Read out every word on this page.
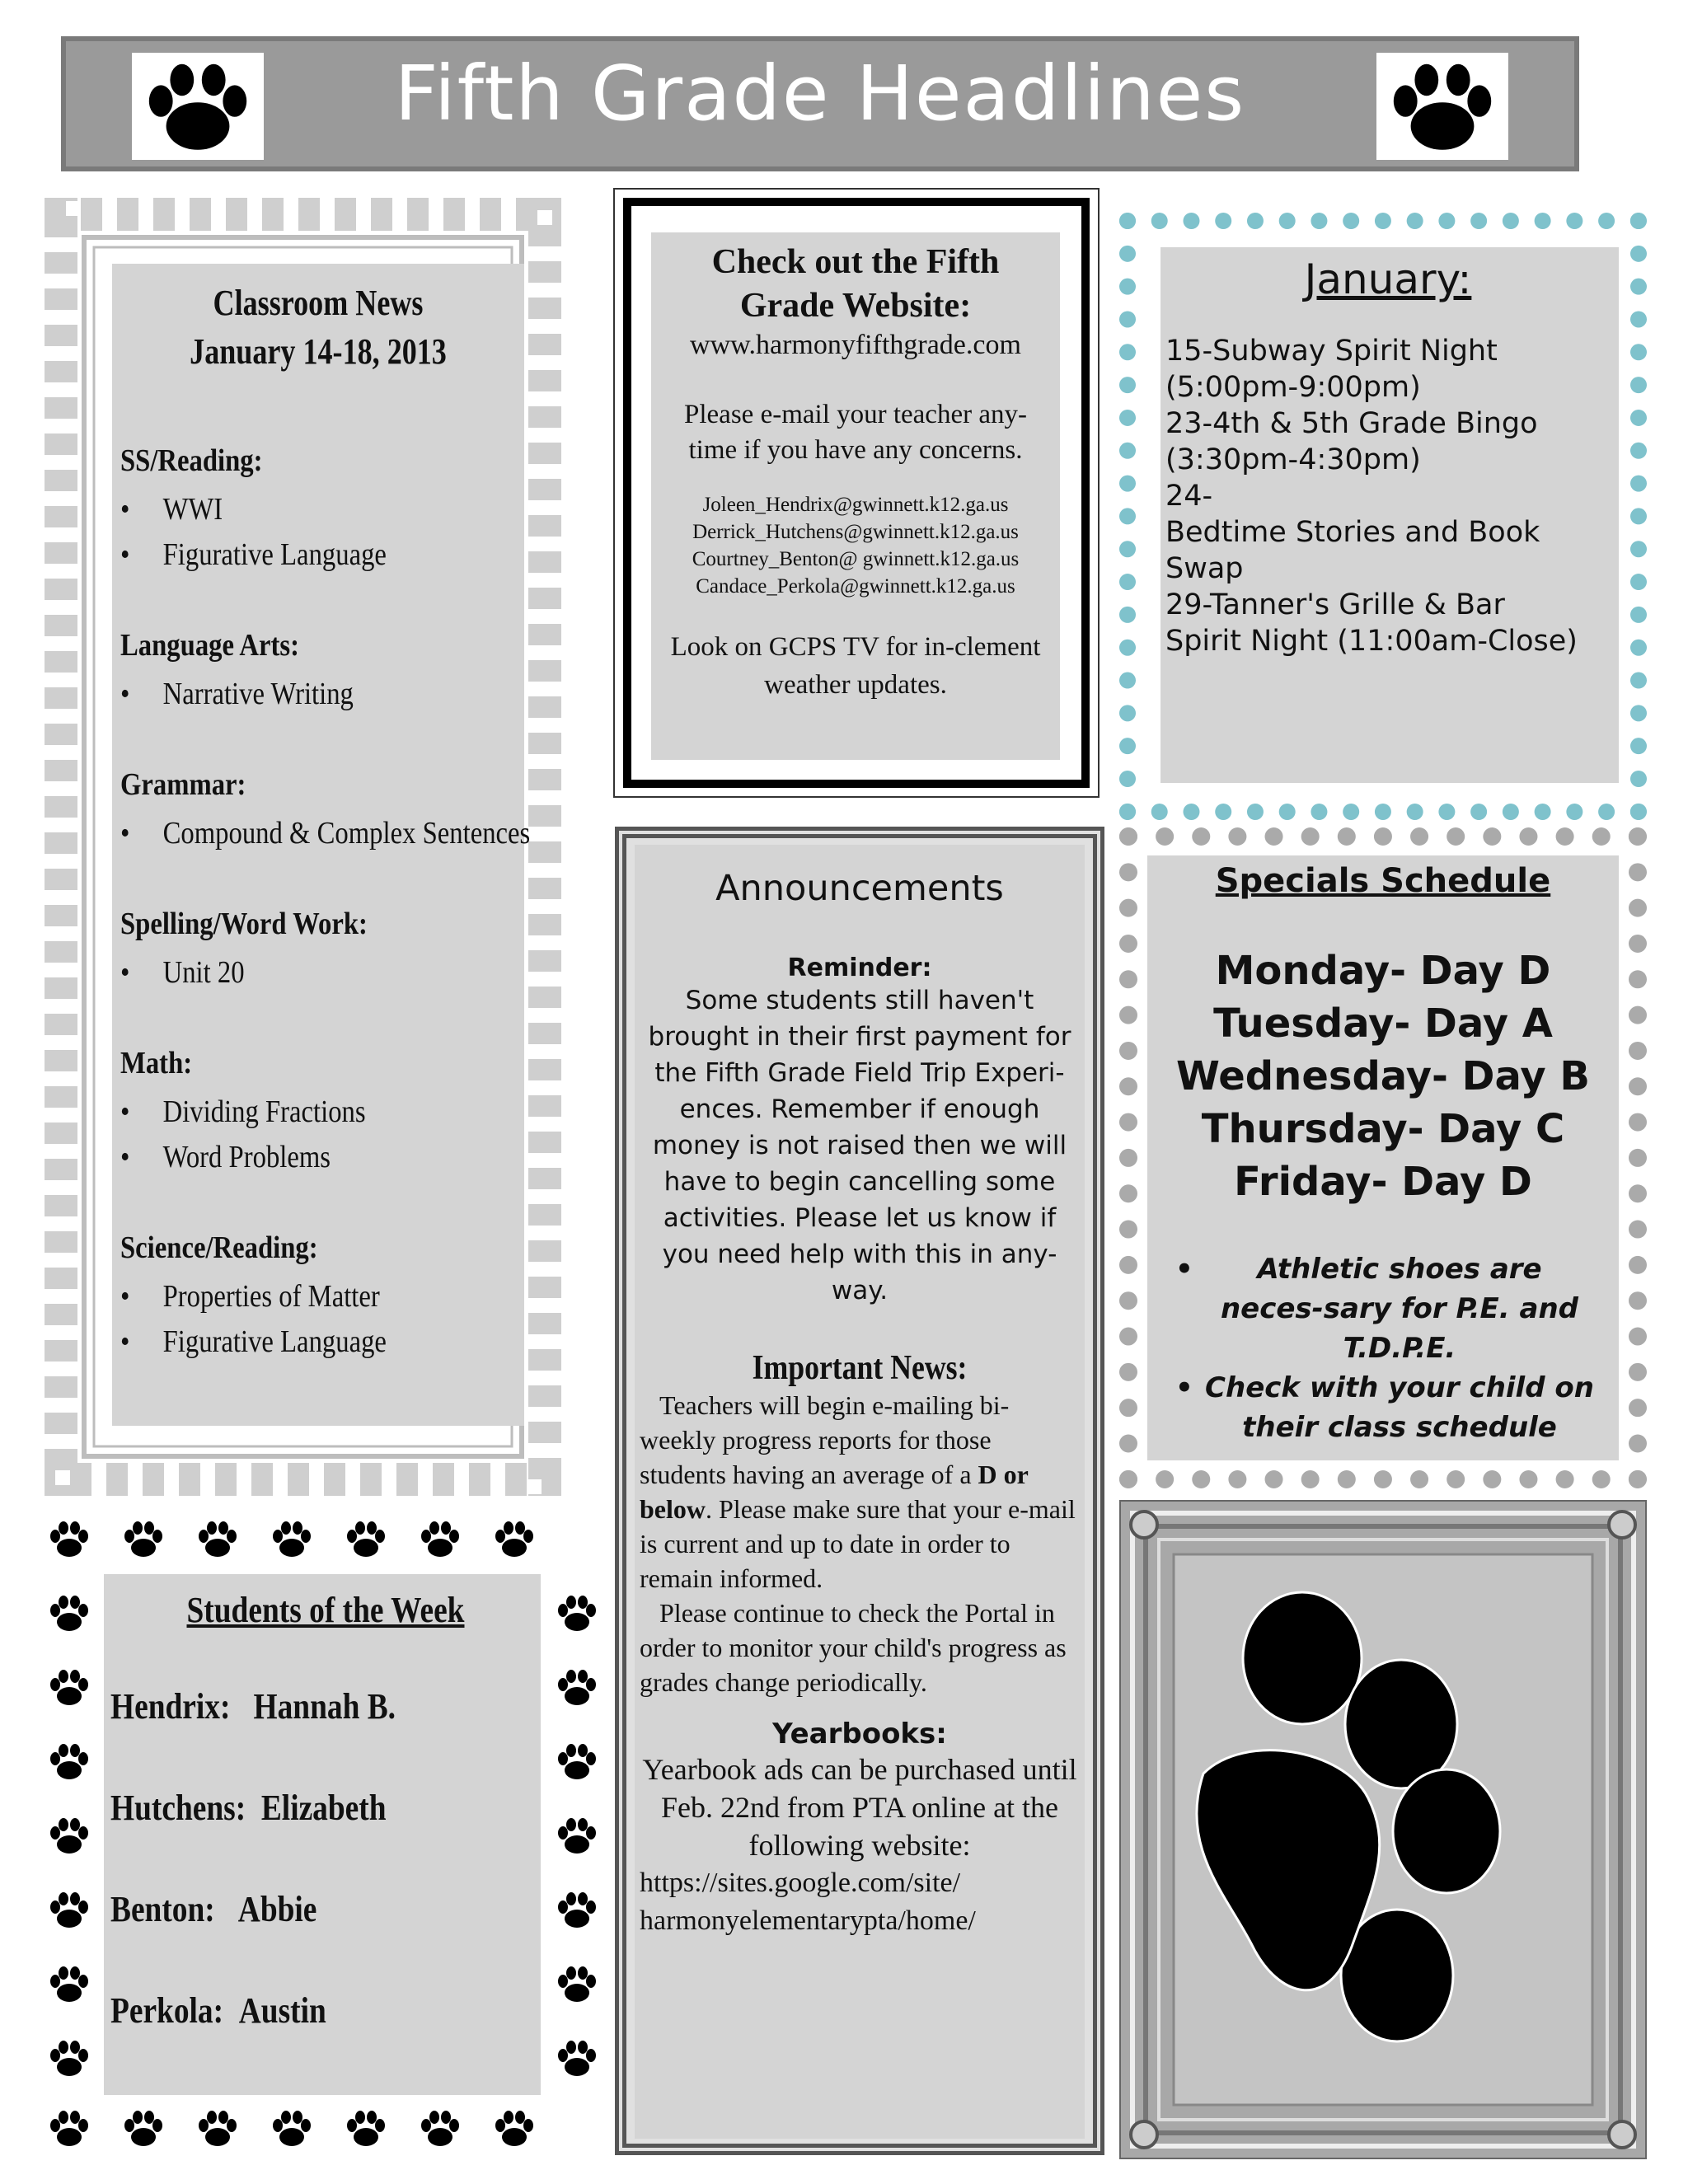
Fifth Grade Headlines
Classroom News
January 14-18, 2013
SS/Reading:
• WWI
• Figurative Language
Language Arts:
• Narrative Writing
Grammar:
• Compound & Complex Sentences
Spelling/Word Work:
• Unit 20
Math:
• Dividing Fractions
• Word Problems
Science/Reading:
• Properties of Matter
• Figurative Language
Check out the Fifth
Grade Website:
www.harmonyfifthgrade.com
Please e-mail your teacher any-time if you have any concerns.
Joleen_Hendrix@gwinnett.k12.ga.us
Derrick_Hutchens@gwinnett.k12.ga.us
Courtney_Benton@ gwinnett.k12.ga.us
Candace_Perkola@gwinnett.k12.ga.us
Look on GCPS TV for in-clement weather updates.
January:
15-Subway Spirit Night
(5:00pm-9:00pm)
23-4th & 5th Grade Bingo
(3:30pm-4:30pm)
24-
Bedtime Stories and Book
Swap
29-Tanner's Grille & Bar
Spirit Night (11:00am-Close)
Announcements
Reminder:
Some students still haven't brought in their first payment for the Fifth Grade Field Trip Experi-ences. Remember if enough money is not raised then we will have to begin cancelling some activities. Please let us know if you need help with this in any-way.
Important News:
Teachers will begin e-mailing bi-weekly progress reports for those students having an average of a D or below. Please make sure that your e-mail is current and up to date in order to remain informed.
Please continue to check the Portal in order to monitor your child's progress as grades change periodically.
Yearbooks:
Yearbook ads can be purchased until Feb. 22nd from PTA online at the following website:
https://sites.google.com/site/
harmonyelementarypta/home/
Specials Schedule
Monday- Day D
Tuesday- Day A
Wednesday- Day B
Thursday- Day C
Friday- Day D
• Athletic shoes are neces-sary for P.E. and T.D.P.E.
• Check with your child on their class schedule
Students of the Week
Hendrix: Hannah B.
Hutchens: Elizabeth
Benton: Abbie
Perkola: Austin
